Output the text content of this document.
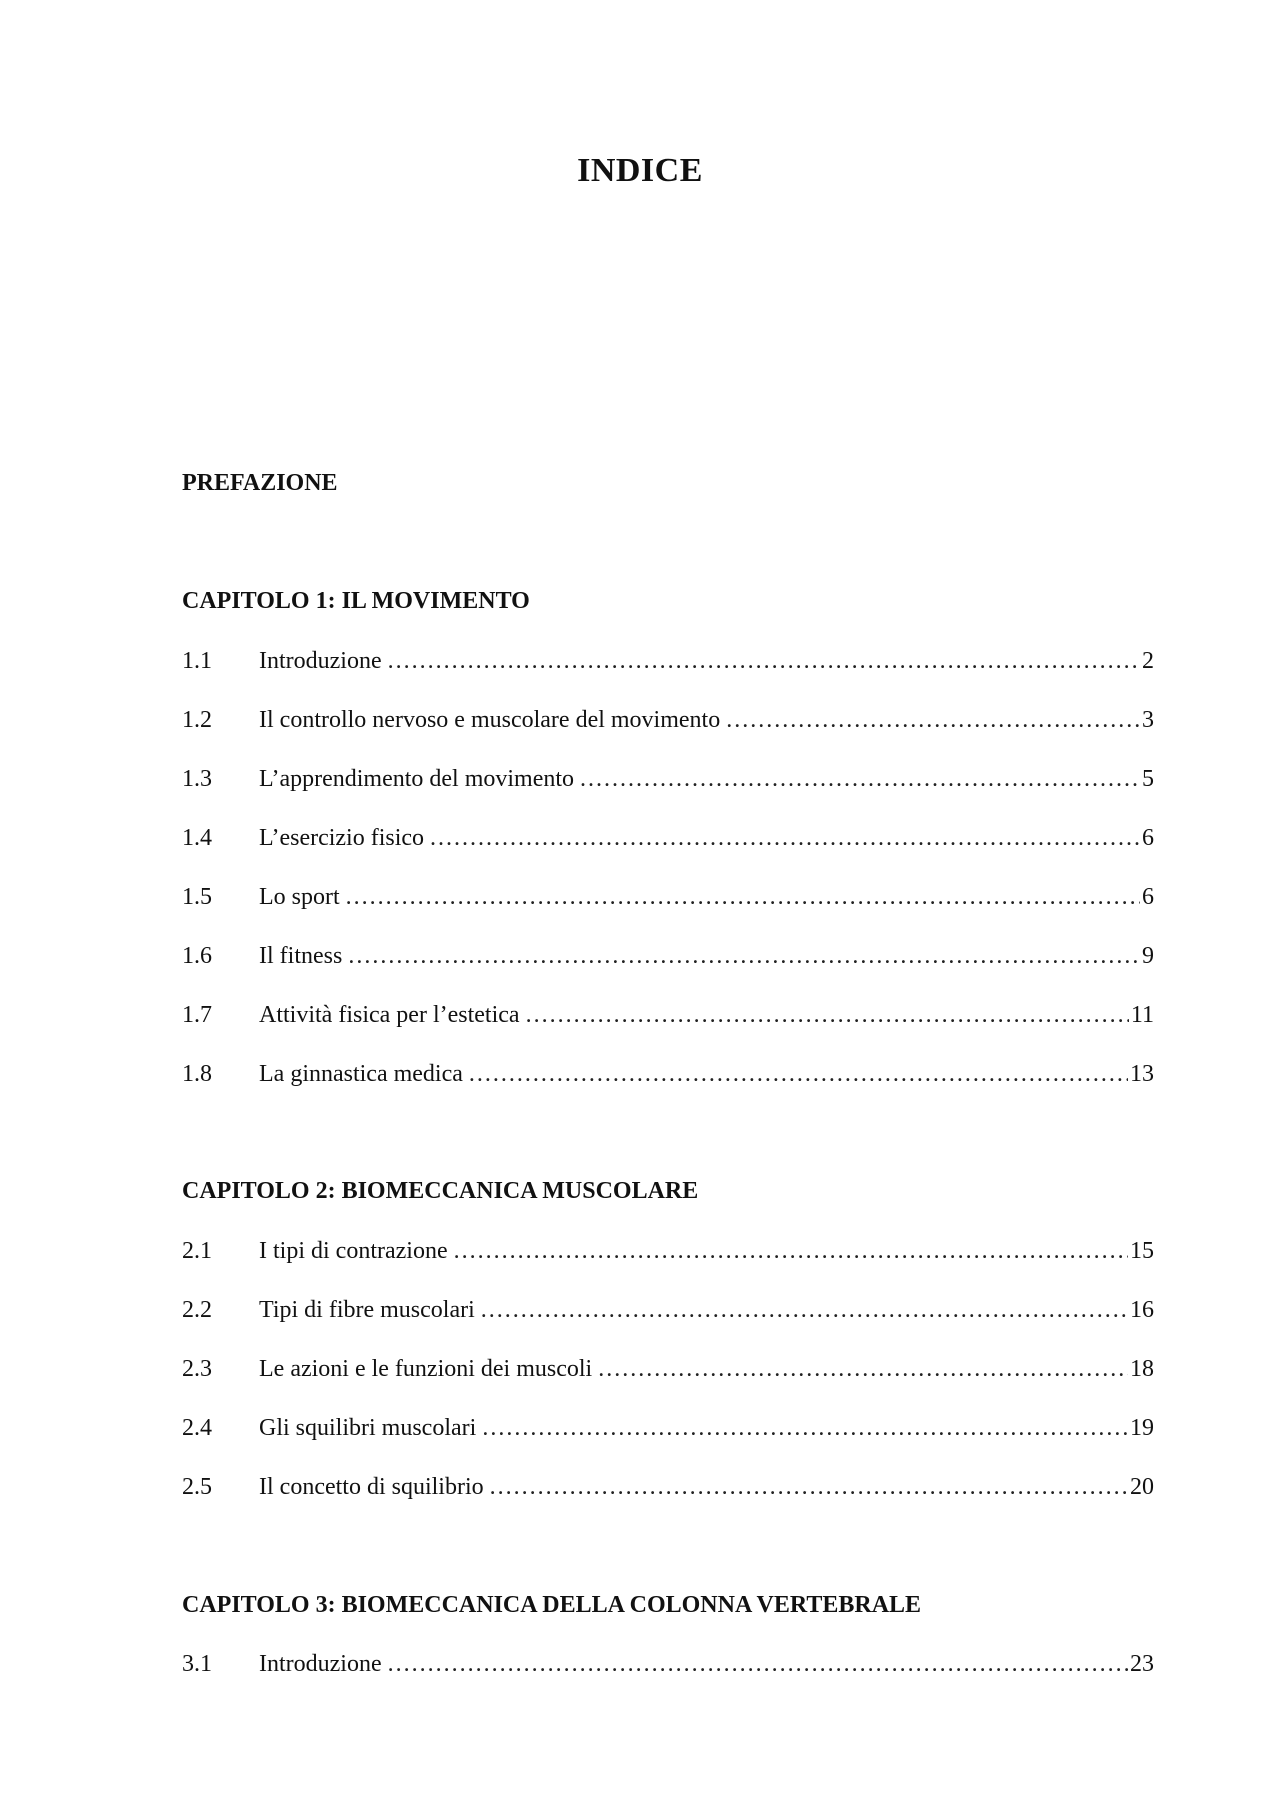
INDICE
PREFAZIONE
CAPITOLO 1: IL MOVIMENTO
1.1	Introduzione .....	2
1.2	Il controllo nervoso e muscolare del movimento .....	3
1.3	L’apprendimento del movimento .....	5
1.4	L’esercizio fisico .....	6
1.5	Lo sport .....	6
1.6	Il fitness .....	9
1.7	Attività fisica per l’estetica .....	11
1.8	La ginnastica medica .....	13
CAPITOLO 2: BIOMECCANICA MUSCOLARE
2.1	I tipi di contrazione .....	15
2.2	Tipi di fibre muscolari .....	16
2.3	Le azioni e le funzioni dei muscoli .....	18
2.4	Gli squilibri muscolari .....	19
2.5	Il concetto di squilibrio .....	20
CAPITOLO 3: BIOMECCANICA DELLA COLONNA VERTEBRALE
3.1	Introduzione .....	23
